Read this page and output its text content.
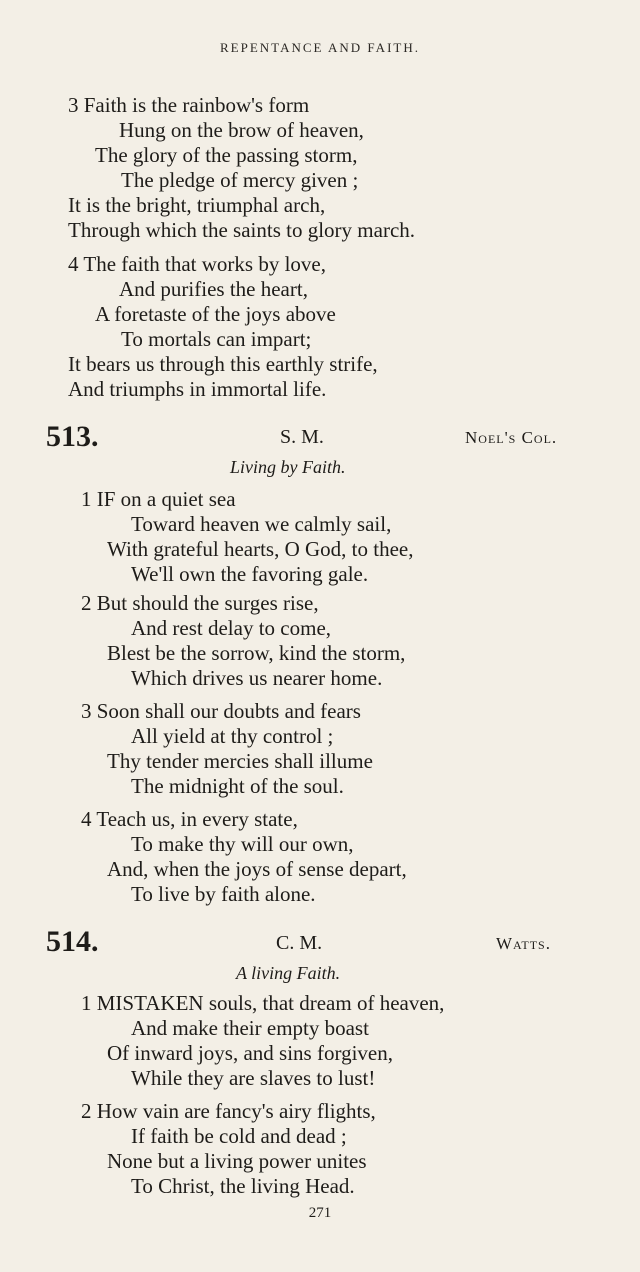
REPENTANCE AND FAITH.
3 Faith is the rainbow's form
Hung on the brow of heaven,
The glory of the passing storm,
The pledge of mercy given ;
It is the bright, triumphal arch,
Through which the saints to glory march.
4 The faith that works by love,
And purifies the heart,
A foretaste of the joys above
To mortals can impart;
It bears us through this earthly strife,
And triumphs in immortal life.
513.	S. M.	Noel's Col.
Living by Faith.
1 IF on a quiet sea
Toward heaven we calmly sail,
With grateful hearts, O God, to thee,
We'll own the favoring gale.
2 But should the surges rise,
And rest delay to come,
Blest be the sorrow, kind the storm,
Which drives us nearer home.
3 Soon shall our doubts and fears
All yield at thy control ;
Thy tender mercies shall illume
The midnight of the soul.
4 Teach us, in every state,
To make thy will our own,
And, when the joys of sense depart,
To live by faith alone.
514.	C. M.	Watts.
A living Faith.
1 MISTAKEN souls, that dream of heaven,
And make their empty boast
Of inward joys, and sins forgiven,
While they are slaves to lust!
2 How vain are fancy's airy flights,
If faith be cold and dead ;
None but a living power unites
To Christ, the living Head.
271
